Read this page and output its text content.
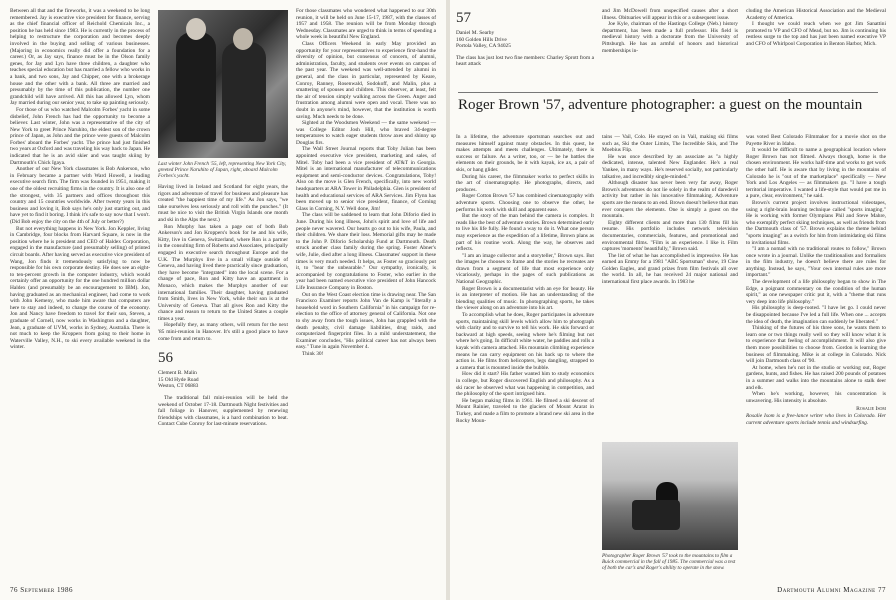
Between all that and the fireworks, it was a weekend to be long remembered. Jay is executive vice president for finance, serving as the chief financial officer of Reichold Chemicals Inc., a position he has held since 1983. He is currently in the process of helping to restructure the corporation and becomes deeply involved in the buying and selling of various businesses. (Majoring in economics really did offer a foundation for a career.) Or, as Jay says, finance must be in the Olson family genes, for Jay and Lyn have three children, a daughter who teaches special education but has married a fellow who works in a bank, and two sons, Jay and Chipper, one with a brokerage house and the other with a bank. All three are married and presumably by the time of this publication, the number one grandchild will have arrived. All this has allowed Lyn, whom Jay married during our senior year, to take up painting seriously.

For those of us who watched Malcolm Forbes' yacht in some disbelief, John French has had the opportunity to become a believer. Last winter, John was a representative of the city of New York to greet Prince Naruhito, the eldest son of the crown prince of Japan, as John and the prince were guests of Malcolm Forbes' aboard the Forbes' yacht. The prince had just finished two years at Oxford and was traveling his way back to Japan. He indicated that he is an avid skier and was taught skiing by Dartmouth's Chick Igaya.

Another of our New York classmates is Bob Ankerson, who in February became a partner with Ward Howell, a leading executive search firm. The firm was founded in 1951, making it one of the oldest recruiting firms in the country. It is also one of the strongest, with 35 partners and offices throughout this country and 15 countries worldwide. After twenty years in this business and loving it, Bob says he's only just starting out, and have yet to find it boring. I think it's safe to say now that I won't. (Did Bob enjoy the city on the 4th of July or better?)

But not everything happens in New York. Jon Keppler, living in Cambridge, four blocks from Harvard Square, is now in the position where he is president and CEO of Haldex Corporation, engaged in the manufacture (and presumably selling) of printed circuit boards. After having served as executive vice president of Wang, Jon finds it tremendously satisfying to now be responsible for his own corporate destiny. He does see an eight-to ten-percent growth in the computer industry, which would certainly offer an opportunity for the one hundred million dollar Haldex (and presumably be an encouragement to IBM). Jon, having graduated as an mechanical engineer, had come to work with John Kemeny, who made him aware that computers are here to stay and indeed, to change the course of the economy. Jon and Nancy have freedom to travel for their son, Steven, a graduate of Cornell, now works in Washington and a daughter, Jean, a graduate of UVM, works in Sydney, Australia. There is not much to keep the Kroppers from going to their home in Waterville Valley, N.H., to ski every available weekend in the winter.

Last winter John French '55, left, representing New York City, greeted Prince Naruhito of Japan, right, aboard Malcolm Forbes's yacht.

Having lived in Ireland and Scotland for eight years, the rigors and adventure of travel for business and pleasure has created "the happiest time of my life." As Jon says, "we take ourselves less seriously and roll with the punches." (It must be nice to visit the British Virgin Islands one month and ski in the Alps the next.)

Ron Murphy has taken a page out of both Bob Ankerson's and Jon Kroppers's book for he and his wife, Kitty, live in Geneva, Switzerland, where Ron is a partner in the consulting firm of Roberts and Associates, principally engaged in executive search throughout Europe and the U.K. The Murphys live in a small village outside of Geneva, and having lived there practically since graduation, they have become "integrated" into the local scene. For a change of pace, Ron and Kitty have an apartment in Monaco, which makes the Murphys another of our international families. Their daughter, having graduated from Smith, lives in New York, while their son is at the University of Geneva. That all gives Ron and Kitty the chance and reason to return to the United States a couple times a year.

Hopefully they, as many others, will return for the next '85 mini-reunion in Hanover. It's still a good place to have come from and return to.

56
Clement B. Malin
15 Old Hyde Road
Weston, CT 06883

The traditional fall mini-reunion will be held the weekend of October 17-18. Dartmouth Night festivities and fall foliage in Hanover, supplemented by renewing friendships with classmates, is a hard combination to beat. Contact Cube Conroy for last-minute reservations.

For those classmates who wondered what happened to our 30th reunion, it will be held on June 15-17, 1987, with the classes of 1957 and 1958. The reunion will be from Monday through Wednesday. Classmates are urged to think in terms of spending a whole week in beautiful New England.

Class Officers Weekend in early May provided an opportunity for your representatives to experience first-hand the diversity of opinion, but consensus of concern, of alumni, administration, faculty, and students over events on campus of the past year. The weekend was well-attended by alumni in general, and the class in particular, represented by Keare, Conroy, Ranney, Rosenwald, Sodokoff, and Malin, plus a smattering of spouses and children. This observer, at least, felt the air of tension simply walking across the Green. Anger and frustration among alumni were open and vocal. There was no doubt in anyone's mind, however, that the institution is worth saving. Much needs to be done.

Sighted at the Woodsmen Weekend — the same weekend — was College Editor Josh Hill, who braved 34-degree temperatures to watch eager students throw axes and shinny up Douglas firs.

The Wall Street Journal reports that Toby Julian has been appointed executive vice president, marketing and sales, of Mitel. Toby had been a vice president of AT&T in Georgia. Mitel is an international manufacturer of telecommunications equipment and semi-conductor devices. Congratulations, Toby! Also on the move is Glen French, specifically, into new world headquarters at ARA Tower in Philadelphia. Glen is president of health and educational services of ARA Services. Jim Flynn has been moved up to senior vice president, finance, of Corning Glass in Corning, N.Y. Well done, Jim!

The class will be saddened to learn that John Diforio died in June. During his long illness, John's spirit and love of life and people never wavered. Our hearts go out to his wife, Paula, and their children. We share their loss. Memorial gifts may be made to the John P. Diforio Scholarship Fund at Dartmouth. Death struck another class family during the spring. Foster Abner's wife, Julie, died after a long illness. Classmates' support in these times is very much needed. It helps, as Foster so graciously put it, to "bear the unbearable." Our sympathy, ironically, is accompanied by congratulations to Foster, who earlier in the year had been named executive vice president of John Hancock Life Insurance Company in Boston.

Out on the West Coast election time is drawing near. The San Francisco Examiner reports John Van de Kamp is "literally a household word in Southern California" in his campaign for re-election to the office of attorney general of California. Not one to shy away from the tough issues, John has grappled with the death penalty, civil damage liabilities, drug raids, and computerized fingerprint files. In a mild understatement, the Examiner concludes, "His political career has not always been easy." Tune in again November 4.

Think 30!

76 September 1986
57
Daniel M. Searby
160 Golden Hills Drive
Portola Valley, CA 94025

The class has just lost two fine members: Charley Sprott from a heart attack

and Jim McDowell from unspecified causes after a short illness. Obituaries will appear in this or a subsequent issue.

Joe Kyle, chairman of the Hastings College (Neb.) history department, has been made a full professor. His field is medieval history with a doctorate from the University of Pittsburgh. He has an armful of honors and historical memberships in-

cluding the American Historical Association and the Medieval Academy of America.

I thought we could reach when we got Jim Sanattini promoted to VP and CFO of Mead, but no. Jim is continuing his restless surge to the top and has just been named executive VP and CFO of Whirlpool Corporation in Benton Harbor, Mich.

Roger Brown '57, adventure photographer: a guest on the mountain

In a lifetime, the adventure sportsman searches out and measures himself against many obstacles. In this quest, he makes attempts and meets challenges. Ultimately, there is success or failure. As a writer, too, or — be he battles the elements on their grounds, be it with kayak, ice ax, a pair of skis, or hang glider.

During his career, the filmmaker works to perfect skills in the art of cinematography. He photographs, directs, and produces.

Roger Cotton Brown '57 has combined cinematography with adventure sports. Choosing one to observe the other, he performs his work with skill and apparent ease.

But the story of the man behind the camera is complex. It reads like the best of adventure stories. Brown determined early to live his life fully. He found a way to do it. What one person may experience as the expedition of a lifetime, Brown plans as part of his routine work. Along the way, he observes and reflects.

"I am an image collector and a storyteller," Brown says. But the images he chooses to frame and the stories he recreates are drawn from a segment of life that most experience only vicariously, perhaps in the pages of such publications as National Geographic.

Roger Brown is a documentarist with an eye for beauty. He is an interpreter of motion. He has an understanding of the blending qualities of music. In photographing sports, he takes the viewer along on an adventure into his art.

To accomplish what he does, Roger participates in adventure sports, maintaining skill levels which allow him to photograph with clarity and to survive to tell his work. He skis forward or backward at high speeds, seeing where he's filming but not where he's going. In difficult white water, he paddles and rolls a kayak with camera attached. His mountain climbing experience means he can carry equipment on his back up to where the action is. He films from helicopters, legs dangling, strapped to a camera that is mounted inside the bubble.

How did it start? His father wanted him to study economics in college, but Roger discovered English and philosophy. As a ski racer he observed what was happening in competition, and the philosophy of the sport intrigued him.

He began making films in 1961. He filmed a ski descent of Mount Rainier, traveled to the glaciers of Mount Ararat in Turkey, and made a film to promote a brand new ski area in the Rocky Moun-

tains — Vail, Colo. He stayed on in Vail, making ski films such as, Ski the Outer Limits, The Incredible Skis, and The Moebius Flip.

He was once described by an associate as "a highly dedicated, intense, talented New Englander. He's a real Yankee, in many ways. He's reserved socially, not particularly talkative, and incredibly single-minded."

Although disaster has never been very far away, Roger Brown's adventures do not lie solely in the realm of daredevil activity but rather in his innovative filmmaking. Adventure sports are the means to an end. Brown doesn't believe that man ever conquers the elements. One is simply a guest on the mountain.

Eighty different clients and more than 130 films fill his resume. His portfolio includes network television documentaries, commercials, features, and promotional and environmental films. "Film is an experience. I like it. Film captures 'moments' beautifully," Brown said.

The list of what he has accomplished is impressive. He has earned an Emmy for a 1981 "ABC Sportsman" show, 19 Cine Golden Eagles, and grand prizes from film festivals all over the world. In all, he has received 24 major national and international first place awards. In 1983 he

Photographer Roger Brown '57 took to the mountains to film a Buick commercial in the fall of 1985. The commercial was a test of both the car's and Roger's ability to operate in the snow.

was voted Best Colorado Filmmaker for a movie shot on the Payette River in Idaho.

It would be difficult to name a geographical location where Roger Brown has not filmed. Always though, home is the chosen environment. He works half-time and works to get work the other half. He is aware that by living in the mountains of Colorado he is "out of the marketplace" specifically — New York and Los Angeles — as filmmakers go. "I have a tough territorial imperative. I wanted a life-style that would put me in a pure, clear, environment," he said.

Brown's current project involves instructional videotapes, using a right-brain learning technique called "sports imaging." He is working with former Olympians Phil and Steve Mahre, who exemplify perfect skiing techniques, as well as friends from the Dartmouth class of '57. Brown explains the theme behind "sports imaging" as a switch for him from intimidating ski films to invitational films.

"I am a nomad with no traditional routes to follow," Brown once wrote in a journal. Unlike the traditionalists and formalists in the film industry, he doesn't believe there are rules for anything. Instead, he says, "Your own internal rules are more important."

The development of a life philosophy began to show in The Edge, a poignant commentary on the condition of the human spirit," as one newspaper critic put it, with a "theme that runs very deep into life philosophy."

His philosophy is deep-rooted. "I have let go. I could never be disappointed because I've led a full life. When one ... accepts the idea of death, the imagination can suddenly be liberated."

Thinking of the futures of his three sons, he wants them to learn one or two things really well so they will know what it is to experience that feeling of accomplishment. It will also give them more possibilities to choose from. Gordon is learning the business of filmmaking. Mike is at college in Colorado. Nick will join Dartmouth class of '90.

At home, when he's not in the studio or working out, Roger gardens, hunts, and fishes. He has raised 200 pounds of potatoes in a summer and walks into the mountains alone to stalk deer and elk.

When he's working, however, his concentration is unwavering. His intensity is absolute.

Rosalie Isom

Rosalie Isom is a free-lance writer who lives in Colorado. Her current adventure sports include tennis and windsurfing.

Dartmouth Alumni Magazine 77
